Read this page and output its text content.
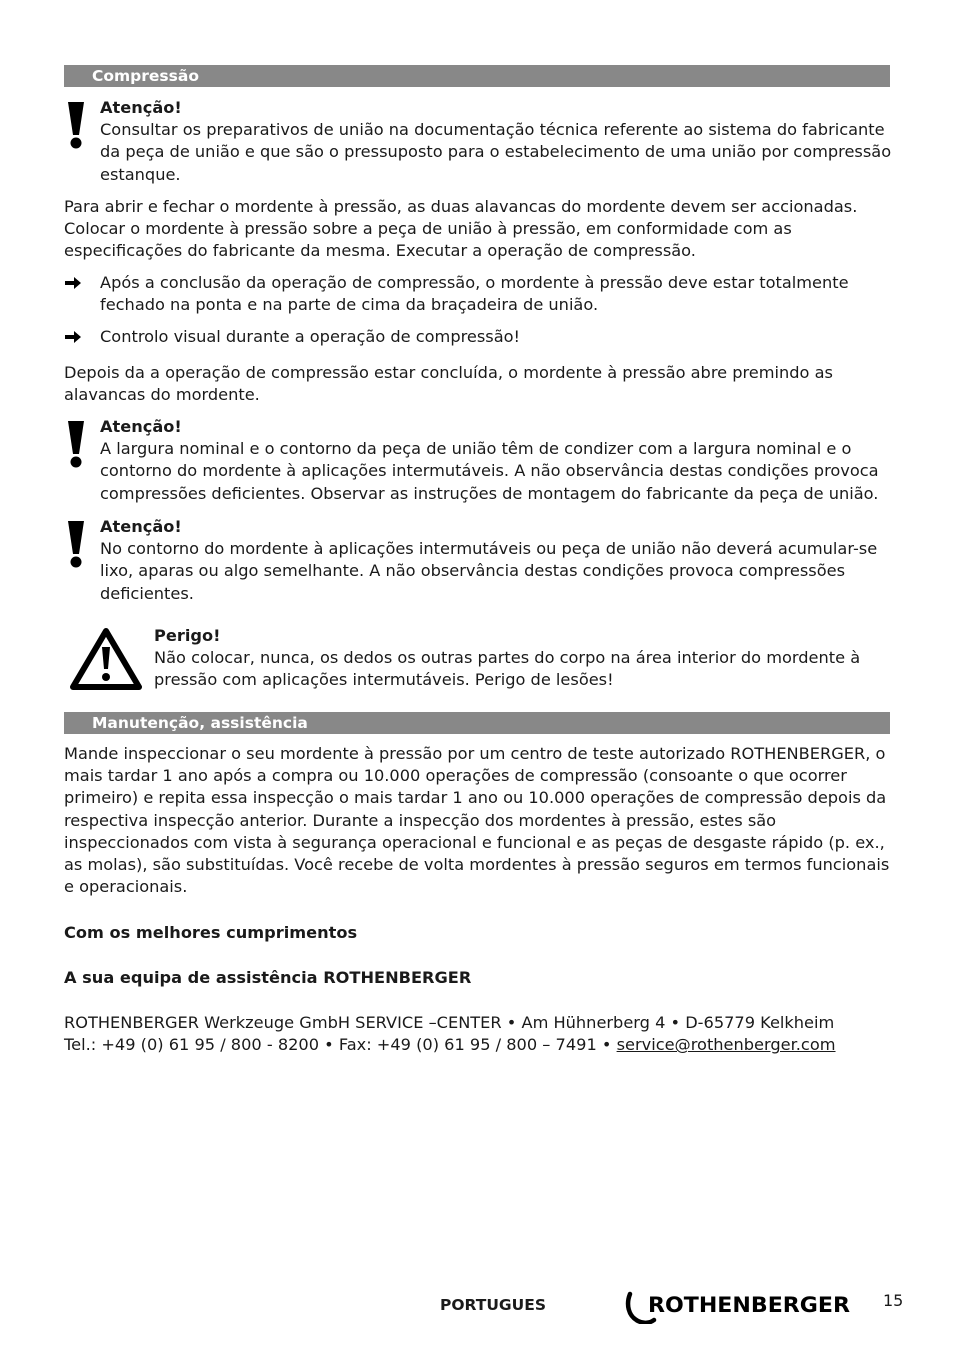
Compressão
Atenção!
Consultar os preparativos de união na documentação técnica referente ao sistema do fabricante da peça de união e que são o pressuposto para o estabelecimento de uma união por compressão estanque.
Para abrir e fechar o mordente à pressão, as duas alavancas do mordente devem ser accionadas. Colocar o mordente à pressão sobre a peça de união à pressão, em conformidade com as especificações do fabricante da mesma. Executar a operação de compressão.
Após a conclusão da operação de compressão, o mordente à pressão deve estar totalmente fechado na ponta e na parte de cima da braçadeira de união.
Controlo visual durante a operação de compressão!
Depois da a operação de compressão estar concluída, o mordente à pressão abre premindo as alavancas do mordente.
Atenção!
A largura nominal e o contorno da peça de união têm de condizer com a largura nominal e o contorno do mordente à aplicações intermutáveis. A não observância destas condições provoca compressões deficientes. Observar as instruções de montagem do fabricante da peça de união.
Atenção!
No contorno do mordente à aplicações intermutáveis ou peça de união não deverá acumular-se lixo, aparas ou algo semelhante. A não observância destas condições provoca compressões deficientes.
Perigo!
Não colocar, nunca, os dedos os outras partes do corpo na área interior do mordente à pressão com aplicações intermutáveis. Perigo de lesões!
Manutenção, assistência
Mande inspeccionar o seu mordente à pressão por um centro de teste autorizado ROTHENBERGER, o mais tardar 1 ano após a compra ou 10.000 operações de compressão (consoante o que ocorrer primeiro) e repita essa inspecção o mais tardar 1 ano ou 10.000 operações de compressão depois da respectiva inspecção anterior. Durante a inspecção dos mordentes à pressão, estes são inspeccionados com vista à segurança operacional e funcional e as peças de desgaste rápido (p. ex., as molas), são substituídas. Você recebe de volta mordentes à pressão seguros em termos funcionais e operacionais.
Com os melhores cumprimentos
A sua equipa de assistência ROTHENBERGER
ROTHENBERGER Werkzeuge GmbH SERVICE –CENTER • Am Hühnerberg 4 • D-65779 Kelkheim
Tel.: +49 (0) 61 95 / 800 - 8200 • Fax: +49 (0) 61 95 / 800 – 7491 • service@rothenberger.com
PORTUGUES	ROTHENBERGER 15
